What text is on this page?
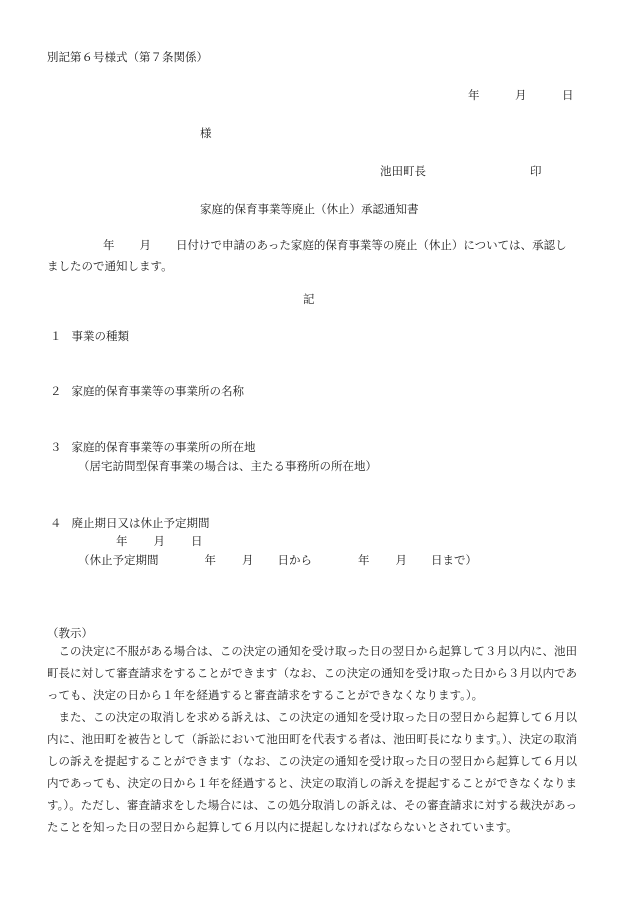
別記第６号様式（第７条関係）
年	月	日
様
池田町長	印
家庭的保育事業等廃止（休止）承認通知書
年 月 日付けで申請のあった家庭的保育事業等の廃止（休止）については、承認し
ましたので通知します。
記
１ 事業の種類
２ 家庭的保育事業等の事業所の名称
３ 家庭的保育事業等の事業所の所在地
（居宅訪問型保育事業の場合は、主たる事務所の所在地）
４ 廃止期日又は休止予定期間
年 月 日
（休止予定期間	年 月 日から	年 月 日まで）
（教示）
この決定に不服がある場合は、この決定の通知を受け取った日の翌日から起算して３月以内に、池田町長に対して審査請求をすることができます（なお、この決定の通知を受け取った日から３月以内であっても、決定の日から１年を経過すると審査請求をすることができなくなります。）。
また、この決定の取消しを求める訴えは、この決定の通知を受け取った日の翌日から起算して６月以内に、池田町を被告として（訴訟において池田町を代表する者は、池田町長になります。）、決定の取消しの訴えを提起することができます（なお、この決定の通知を受け取った日の翌日から起算して６月以内であっても、決定の日から１年を経過すると、決定の取消しの訴えを提起することができなくなります。）。ただし、審査請求をした場合には、この処分取消しの訴えは、その審査請求に対する裁決があったことを知った日の翌日から起算して６月以内に提起しなければならないとされています。
